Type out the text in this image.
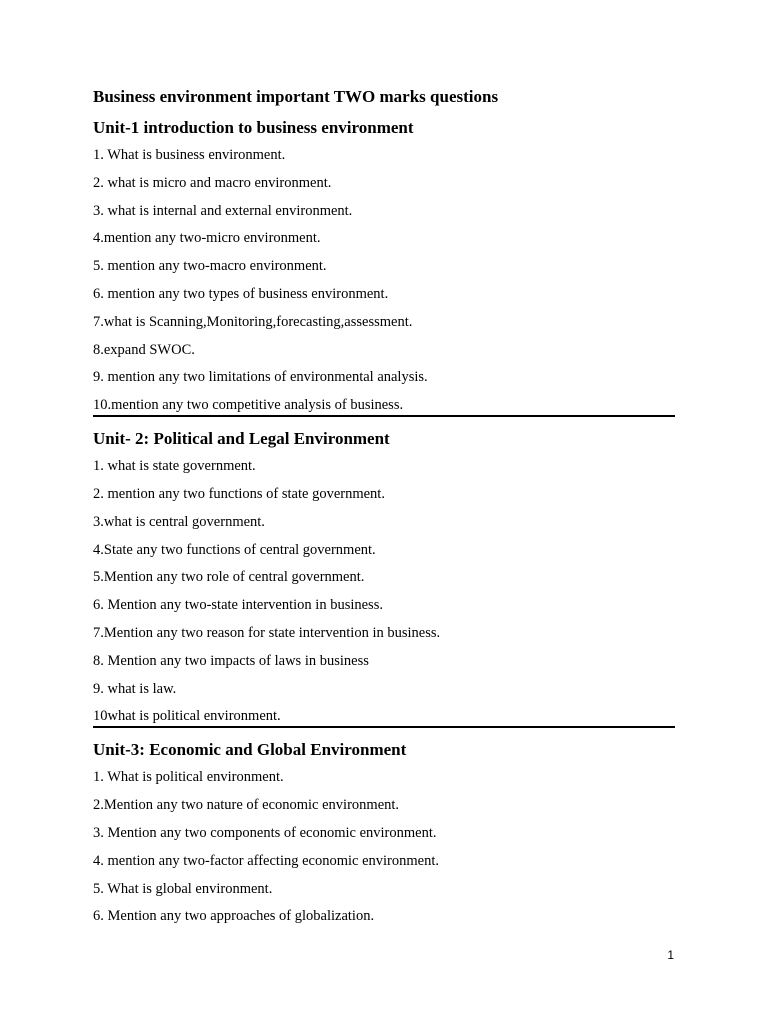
Business environment important TWO marks questions
Unit-1 introduction to business environment
1. What is business environment.
2. what is micro and macro environment.
3. what is internal and external environment.
4.mention any two-micro environment.
5. mention any two-macro environment.
6. mention any two types of business environment.
7.what is Scanning,Monitoring,forecasting,assessment.
8.expand SWOC.
9. mention any two limitations of environmental analysis.
10.mention any two competitive analysis of business.
Unit- 2: Political and Legal Environment
1. what is state government.
2. mention any two functions of state government.
3.what is central government.
4.State any two functions of central government.
5.Mention any two role of central government.
6. Mention any two-state intervention in business.
7.Mention any two reason for state intervention in business.
8. Mention any two impacts of laws in business
9. what is law.
10what is political environment.
Unit-3: Economic and Global Environment
1. What is political environment.
2.Mention any two nature of economic environment.
3. Mention any two components of economic environment.
4. mention any two-factor affecting economic environment.
5. What is global environment.
6. Mention any two approaches of globalization.
1
